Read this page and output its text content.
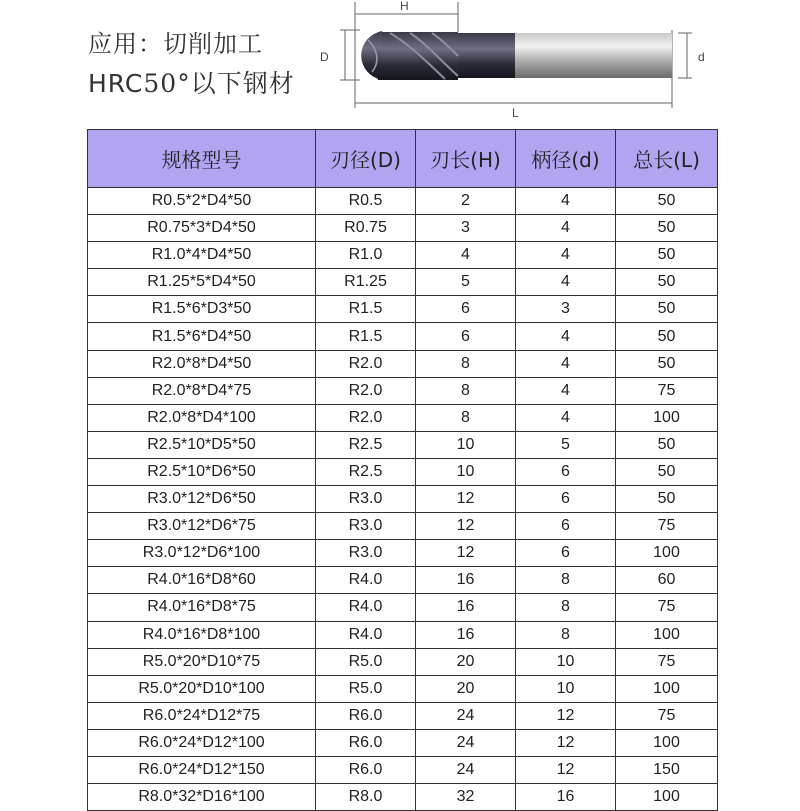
应用：切削加工
HRC50°以下钢材
H
D	d
L
规格型号	刃径(D)	刃长(H)	柄径(d)	总长(L)
R0.5*2*D4*50	R0.5	2	4	50
R0.75*3*D4*50	R0.75	3	4	50
R1.0*4*D4*50	R1.0	4	4	50
R1.25*5*D4*50	R1.25	5	4	50
R1.5*6*D3*50	R1.5	6	3	50
R1.5*6*D4*50	R1.5	6	4	50
R2.0*8*D4*50	R2.0	8	4	50
R2.0*8*D4*75	R2.0	8	4	75
R2.0*8*D4*100	R2.0	8	4	100
R2.5*10*D5*50	R2.5	10	5	50
R2.5*10*D6*50	R2.5	10	6	50
R3.0*12*D6*50	R3.0	12	6	50
R3.0*12*D6*75	R3.0	12	6	75
R3.0*12*D6*100	R3.0	12	6	100
R4.0*16*D8*60	R4.0	16	8	60
R4.0*16*D8*75	R4.0	16	8	75
R4.0*16*D8*100	R4.0	16	8	100
R5.0*20*D10*75	R5.0	20	10	75
R5.0*20*D10*100	R5.0	20	10	100
R6.0*24*D12*75	R6.0	24	12	75
R6.0*24*D12*100	R6.0	24	12	100
R6.0*24*D12*150	R6.0	24	12	150
R8.0*32*D16*100	R8.0	32	16	100
